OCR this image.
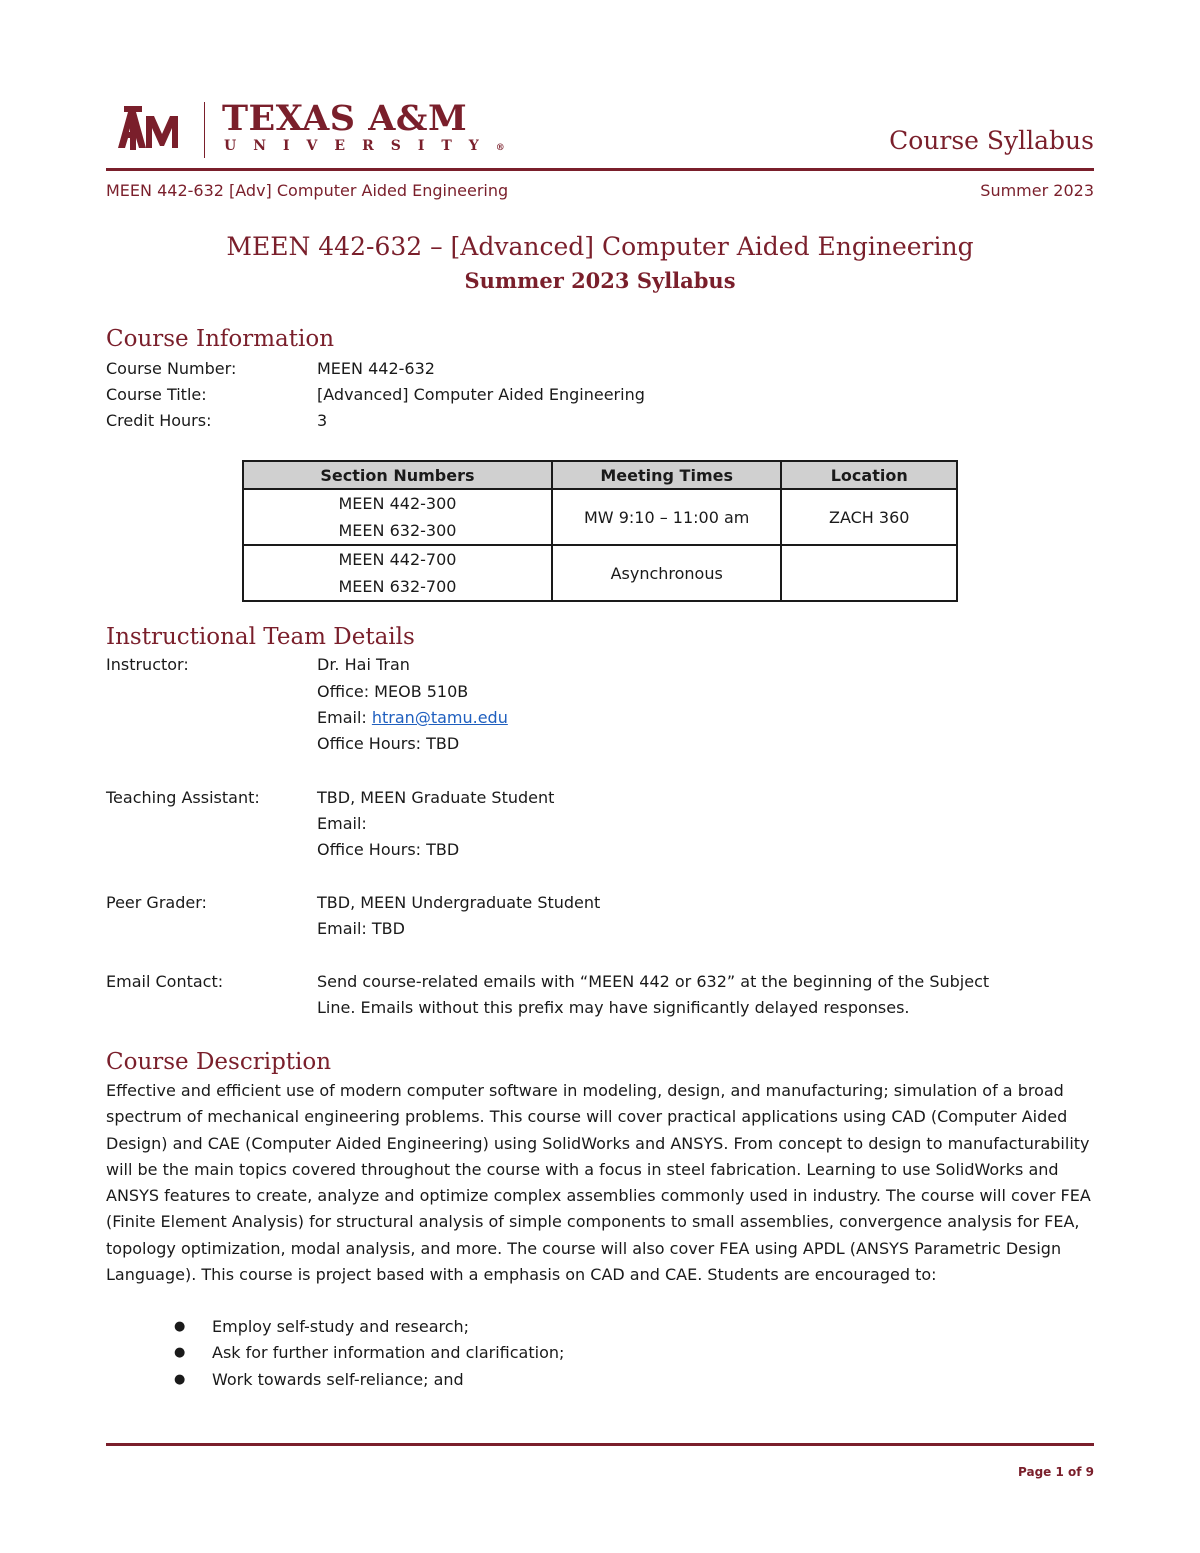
TEXAS A&M
UNIVERSITY®	Course Syllabus
MEEN 442-632 [Adv] Computer Aided Engineering	Summer 2023
MEEN 442-632 – [Advanced] Computer Aided Engineering
Summer 2023 Syllabus
Course Information
Course Number:	MEEN 442-632
Course Title:	[Advanced] Computer Aided Engineering
Credit Hours:	3
Section Numbers	Meeting Times	Location

MEEN 442-300
MEEN 632-300	MW 9:10 – 11:00 am	ZACH 360

MEEN 442-700
MEEN 632-700	Asynchronous	
Instructional Team Details
Instructor:	Dr. Hai Tran
Office: MEOB 510B
Email: htran@tamu.edu
Office Hours: TBD
Teaching Assistant:	TBD, MEEN Graduate Student
Email:
Office Hours: TBD
Peer Grader:	TBD, MEEN Undergraduate Student
Email: TBD
Email Contact:	Send course-related emails with “MEEN 442 or 632” at the beginning of the Subject
Line. Emails without this prefix may have significantly delayed responses.
Course Description
Effective and efficient use of modern computer software in modeling, design, and manufacturing; simulation of a broad spectrum of mechanical engineering problems. This course will cover practical applications using CAD (Computer Aided Design) and CAE (Computer Aided Engineering) using SolidWorks and ANSYS. From concept to design to manufacturability will be the main topics covered throughout the course with a focus in steel fabrication. Learning to use SolidWorks and ANSYS features to create, analyze and optimize complex assemblies commonly used in industry. The course will cover FEA (Finite Element Analysis) for structural analysis of simple components to small assemblies, convergence analysis for FEA, topology optimization, modal analysis, and more. The course will also cover FEA using APDL (ANSYS Parametric Design Language). This course is project based with a emphasis on CAD and CAE. Students are encouraged to:
● Employ self-study and research;
● Ask for further information and clarification;
● Work towards self-reliance; and
Page 1 of 9
